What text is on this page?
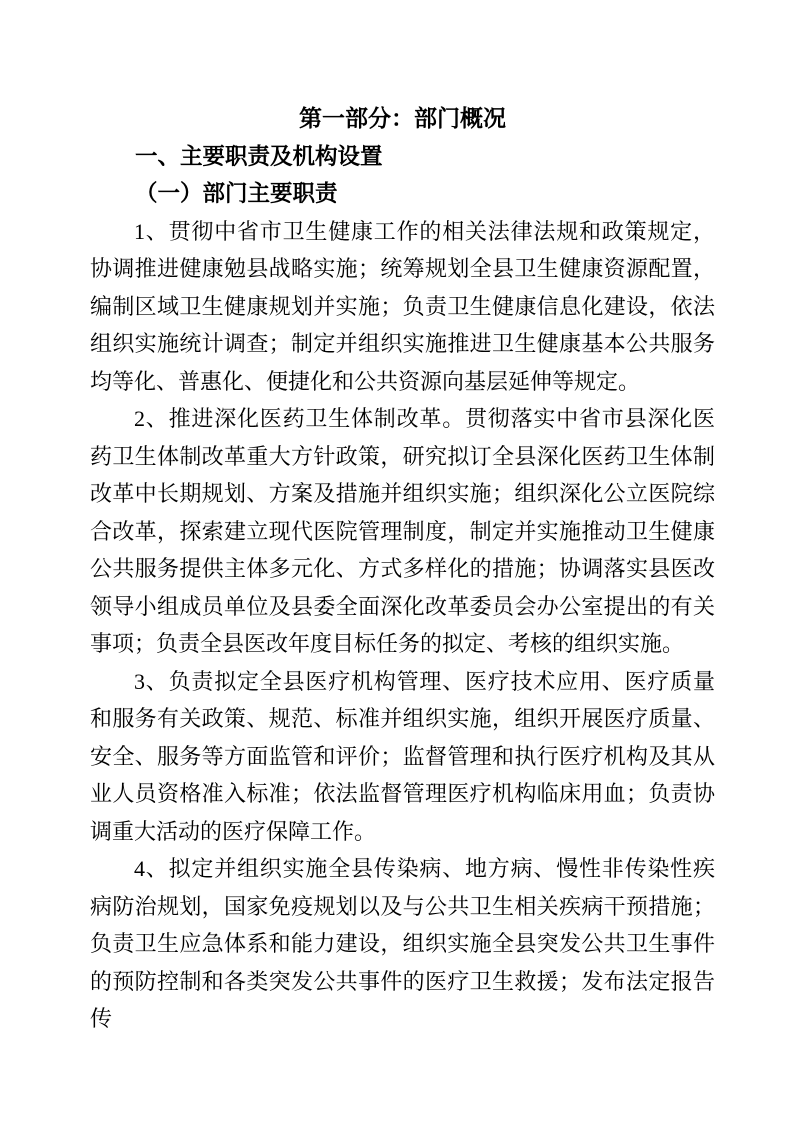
第一部分：部门概况
一、主要职责及机构设置
（一）部门主要职责

1、贯彻中省市卫生健康工作的相关法律法规和政策规定，协调推进健康勉县战略实施；统筹规划全县卫生健康资源配置，编制区域卫生健康规划并实施；负责卫生健康信息化建设，依法组织实施统计调查；制定并组织实施推进卫生健康基本公共服务均等化、普惠化、便捷化和公共资源向基层延伸等规定。

2、推进深化医药卫生体制改革。贯彻落实中省市县深化医药卫生体制改革重大方针政策，研究拟订全县深化医药卫生体制改革中长期规划、方案及措施并组织实施；组织深化公立医院综合改革，探索建立现代医院管理制度，制定并实施推动卫生健康公共服务提供主体多元化、方式多样化的措施；协调落实县医改领导小组成员单位及县委全面深化改革委员会办公室提出的有关事项；负责全县医改年度目标任务的拟定、考核的组织实施。

3、负责拟定全县医疗机构管理、医疗技术应用、医疗质量和服务有关政策、规范、标准并组织实施，组织开展医疗质量、安全、服务等方面监管和评价；监督管理和执行医疗机构及其从业人员资格准入标准；依法监督管理医疗机构临床用血；负责协调重大活动的医疗保障工作。

4、拟定并组织实施全县传染病、地方病、慢性非传染性疾病防治规划，国家免疫规划以及与公共卫生相关疾病干预措施；负责卫生应急体系和能力建设，组织实施全县突发公共卫生事件的预防控制和各类突发公共事件的医疗卫生救援；发布法定报告传
